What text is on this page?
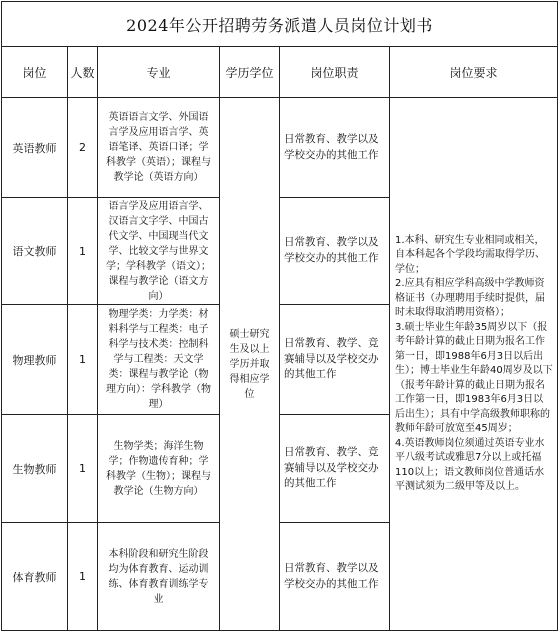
2024年公开招聘劳务派遣人员岗位计划书					
岗位	人数	专业	学历学位	岗位职责	岗位要求
英语教师	2	英语语言文学、外国语言学及应用语言学、英语笔译、英语口译；学科教学（英语）；课程与教学论（英语方向）	硕士研究生及以上学历并取得相应学位	日常教育、教学以及学校交办的其他工作	1.本科、研究生专业相同或相关，自本科起各个学段均需取得学历、学位；
2.应具有相应学科高级中学教师资格证书（办理聘用手续时提供，届时未取得取消聘用资格）；
3.硕士毕业生年龄35周岁以下（报考年龄计算的截止日期为报名工作第一日，即1988年6月3日以后出生）；博士毕业生年龄40周岁及以下（报考年龄计算的截止日期为报名工作第一日，即1983年6月3日以后出生）；具有中学高级教师职称的教师年龄可放宽至45周岁；
4.英语教师岗位须通过英语专业水平八级考试或雅思7分以上或托福110以上；语文教师岗位普通话水平测试须为二级甲等及以上。

语文教师	1	语言学及应用语言学、汉语言文字学、中国古代文学、中国现当代文学、比较文学与世界文学；学科教学（语文）；课程与教学论（语文方向）		日常教育、教学以及学校交办的其他工作	

物理教师	1	物理学类：力学类：材料科学与工程类：电子科学与技术类：控制科学与工程类：天文学类：课程与教学论（物理方向）：学科教学（物理）		日常教育、教学、竞赛辅导以及学校交办的其他工作	

生物教师	1	生物学类；海洋生物学；作物遗传育种；学科教学（生物）；课程与教学论（生物方向）		日常教育、教学、竞赛辅导以及学校交办的其他工作	

体育教师	1	本科阶段和研究生阶段均为体育教育、运动训练、体育教育训练学专业		日常教育、教学以及学校交办的其他工作	
